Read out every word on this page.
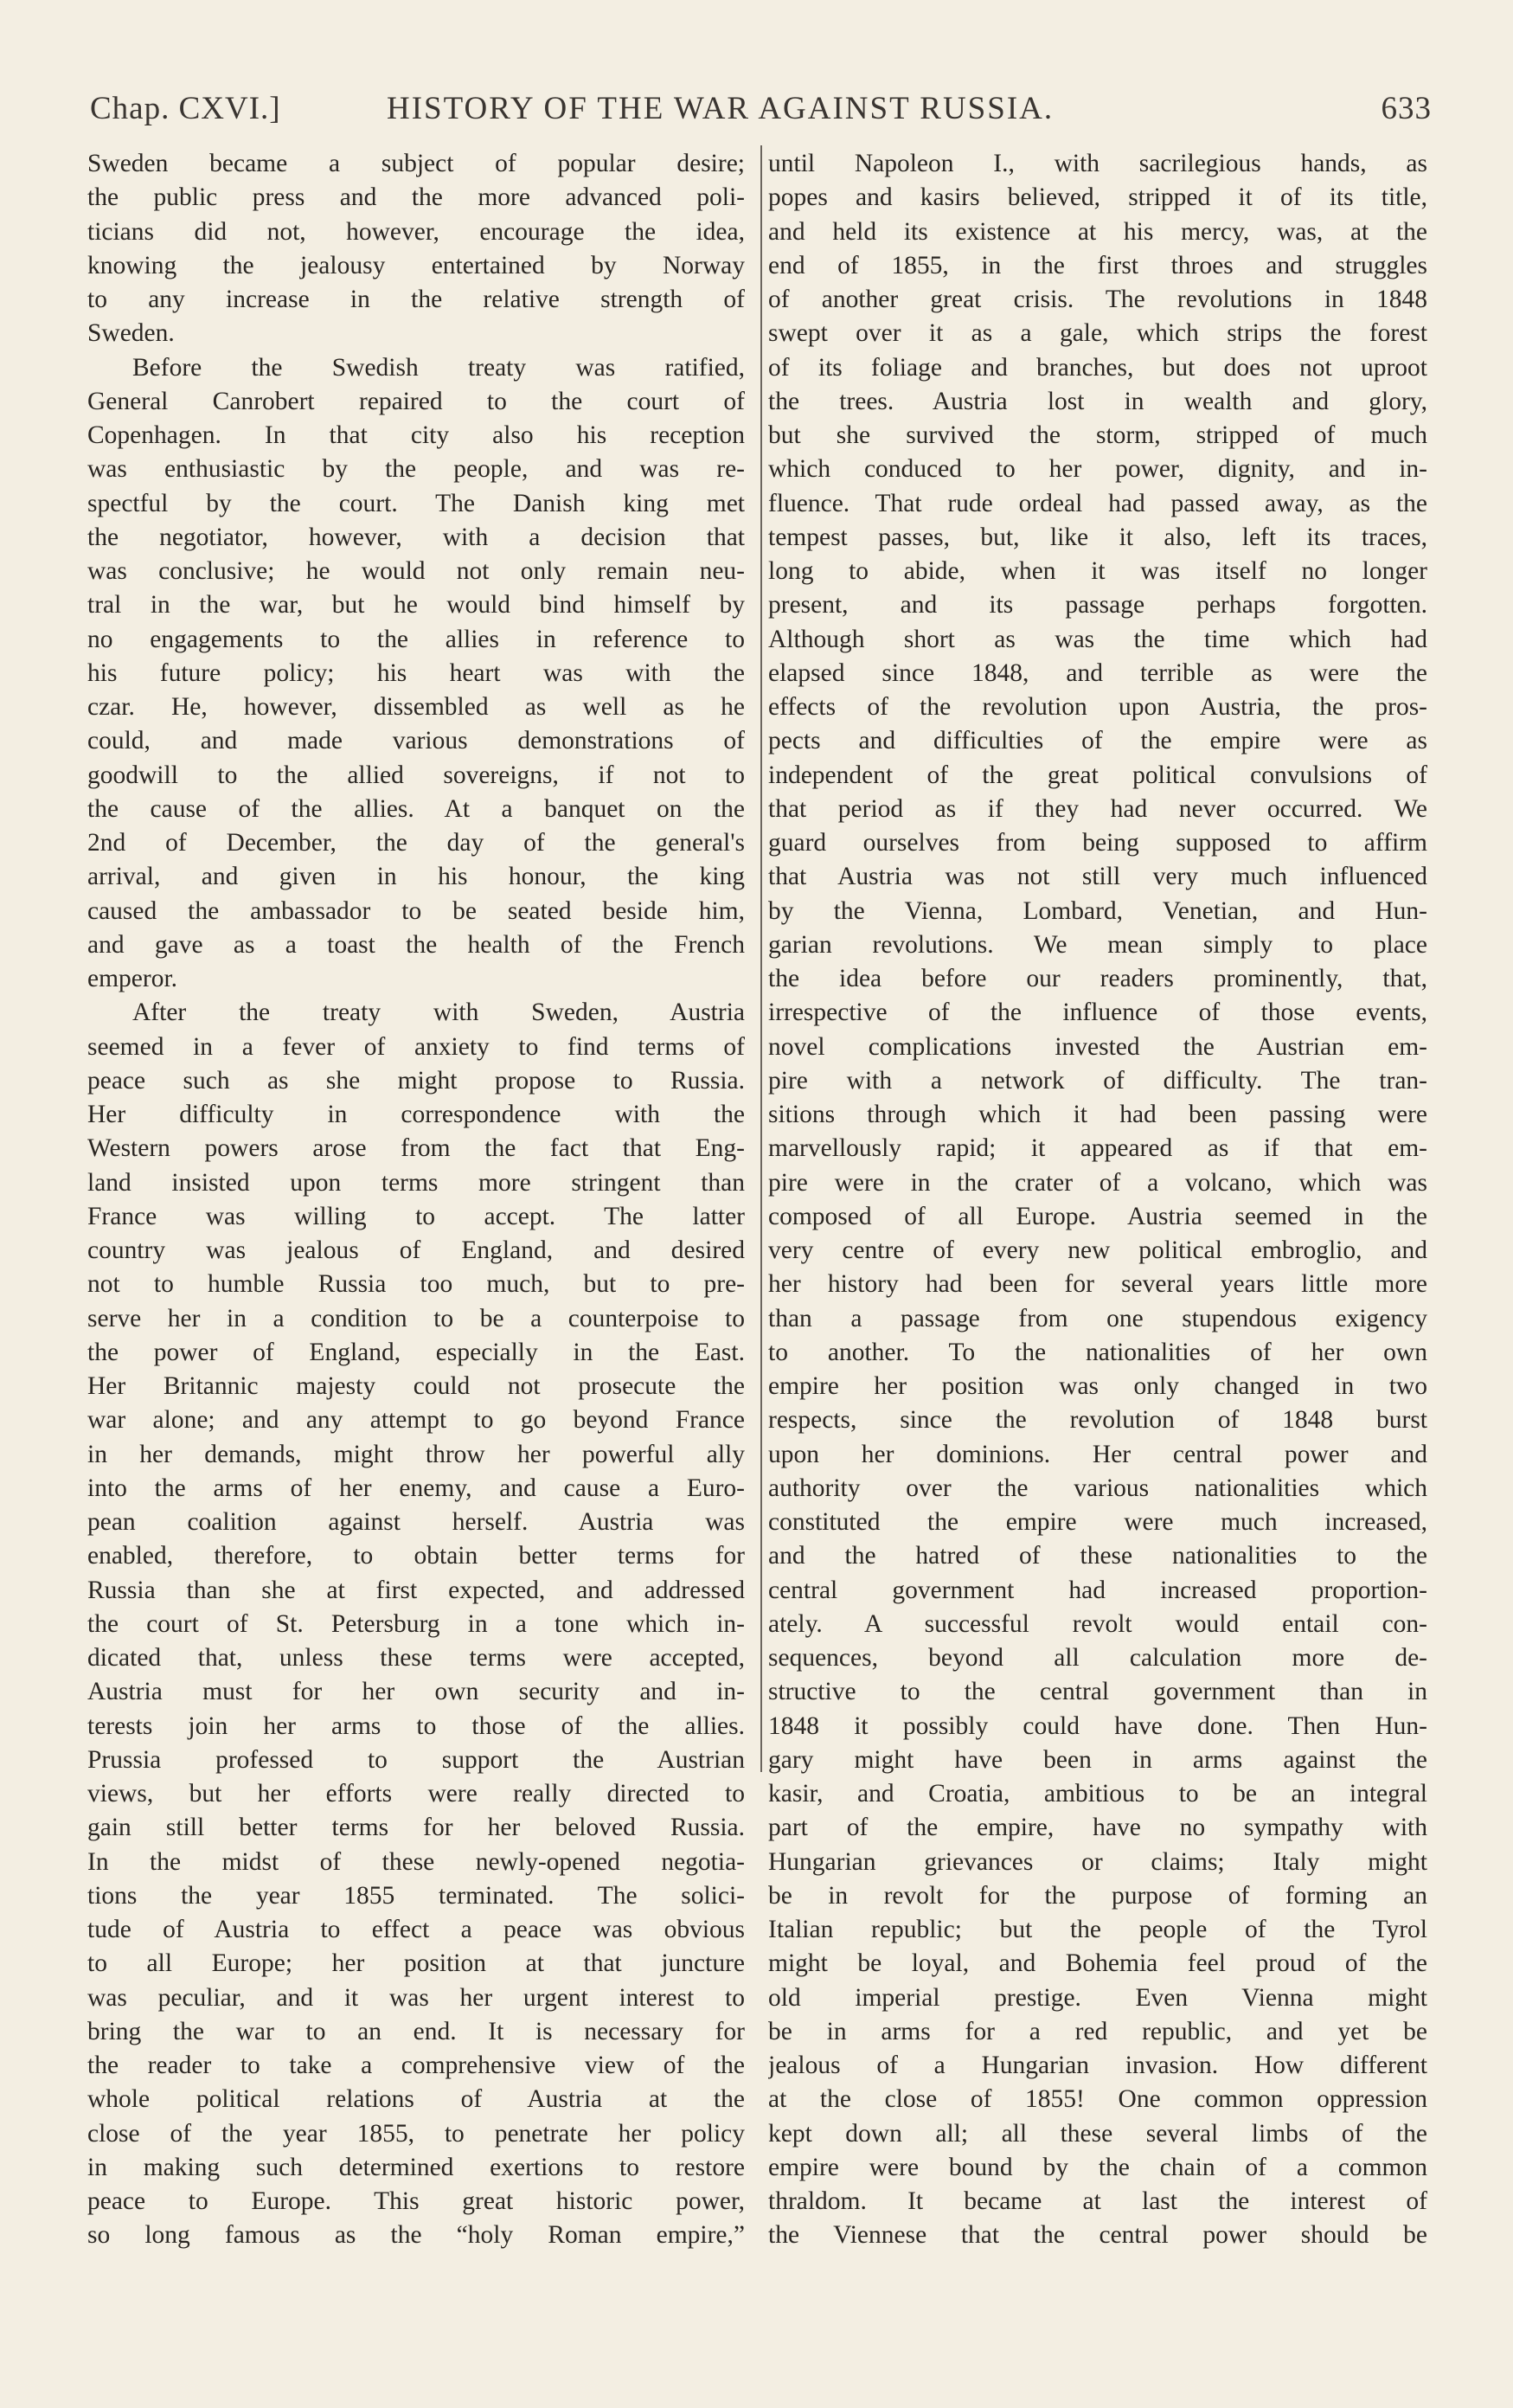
Chap. CXVI.]	HISTORY OF THE WAR AGAINST RUSSIA.	633
Sweden became a subject of popular desire;
the public press and the more advanced poli-
ticians did not, however, encourage the idea,
knowing the jealousy entertained by Norway
to any increase in the relative strength of
Sweden.
Before the Swedish treaty was ratified,
General Canrobert repaired to the court of
Copenhagen. In that city also his reception
was enthusiastic by the people, and was re-
spectful by the court. The Danish king met
the negotiator, however, with a decision that
was conclusive; he would not only remain neu-
tral in the war, but he would bind himself by
no engagements to the allies in reference to
his future policy; his heart was with the
czar. He, however, dissembled as well as he
could, and made various demonstrations of
goodwill to the allied sovereigns, if not to
the cause of the allies. At a banquet on the
2nd of December, the day of the general's
arrival, and given in his honour, the king
caused the ambassador to be seated beside him,
and gave as a toast the health of the French
emperor.
After the treaty with Sweden, Austria
seemed in a fever of anxiety to find terms of
peace such as she might propose to Russia.
Her difficulty in correspondence with the
Western powers arose from the fact that Eng-
land insisted upon terms more stringent than
France was willing to accept. The latter
country was jealous of England, and desired
not to humble Russia too much, but to pre-
serve her in a condition to be a counterpoise to
the power of England, especially in the East.
Her Britannic majesty could not prosecute the
war alone; and any attempt to go beyond France
in her demands, might throw her powerful ally
into the arms of her enemy, and cause a Euro-
pean coalition against herself. Austria was
enabled, therefore, to obtain better terms for
Russia than she at first expected, and addressed
the court of St. Petersburg in a tone which in-
dicated that, unless these terms were accepted,
Austria must for her own security and in-
terests join her arms to those of the allies.
Prussia professed to support the Austrian
views, but her efforts were really directed to
gain still better terms for her beloved Russia.
In the midst of these newly-opened negotia-
tions the year 1855 terminated. The solici-
tude of Austria to effect a peace was obvious
to all Europe; her position at that juncture
was peculiar, and it was her urgent interest to
bring the war to an end. It is necessary for
the reader to take a comprehensive view of the
whole political relations of Austria at the
close of the year 1855, to penetrate her policy
in making such determined exertions to restore
peace to Europe. This great historic power,
so long famous as the “holy Roman empire,”
until Napoleon I., with sacrilegious hands, as
popes and kasirs believed, stripped it of its title,
and held its existence at his mercy, was, at the
end of 1855, in the first throes and struggles
of another great crisis. The revolutions in 1848
swept over it as a gale, which strips the forest
of its foliage and branches, but does not uproot
the trees. Austria lost in wealth and glory,
but she survived the storm, stripped of much
which conduced to her power, dignity, and in-
fluence. That rude ordeal had passed away, as the
tempest passes, but, like it also, left its traces,
long to abide, when it was itself no longer
present, and its passage perhaps forgotten.
Although short as was the time which had
elapsed since 1848, and terrible as were the
effects of the revolution upon Austria, the pros-
pects and difficulties of the empire were as
independent of the great political convulsions of
that period as if they had never occurred. We
guard ourselves from being supposed to affirm
that Austria was not still very much influenced
by the Vienna, Lombard, Venetian, and Hun-
garian revolutions. We mean simply to place
the idea before our readers prominently, that,
irrespective of the influence of those events,
novel complications invested the Austrian em-
pire with a network of difficulty. The tran-
sitions through which it had been passing were
marvellously rapid; it appeared as if that em-
pire were in the crater of a volcano, which was
composed of all Europe. Austria seemed in the
very centre of every new political embroglio, and
her history had been for several years little more
than a passage from one stupendous exigency
to another. To the nationalities of her own
empire her position was only changed in two
respects, since the revolution of 1848 burst
upon her dominions. Her central power and
authority over the various nationalities which
constituted the empire were much increased,
and the hatred of these nationalities to the
central government had increased proportion-
ately. A successful revolt would entail con-
sequences, beyond all calculation more de-
structive to the central government than in
1848 it possibly could have done. Then Hun-
gary might have been in arms against the
kasir, and Croatia, ambitious to be an integral
part of the empire, have no sympathy with
Hungarian grievances or claims; Italy might
be in revolt for the purpose of forming an
Italian republic; but the people of the Tyrol
might be loyal, and Bohemia feel proud of the
old imperial prestige. Even Vienna might
be in arms for a red republic, and yet be
jealous of a Hungarian invasion. How different
at the close of 1855! One common oppression
kept down all; all these several limbs of the
empire were bound by the chain of a common
thraldom. It became at last the interest of
the Viennese that the central power should be
